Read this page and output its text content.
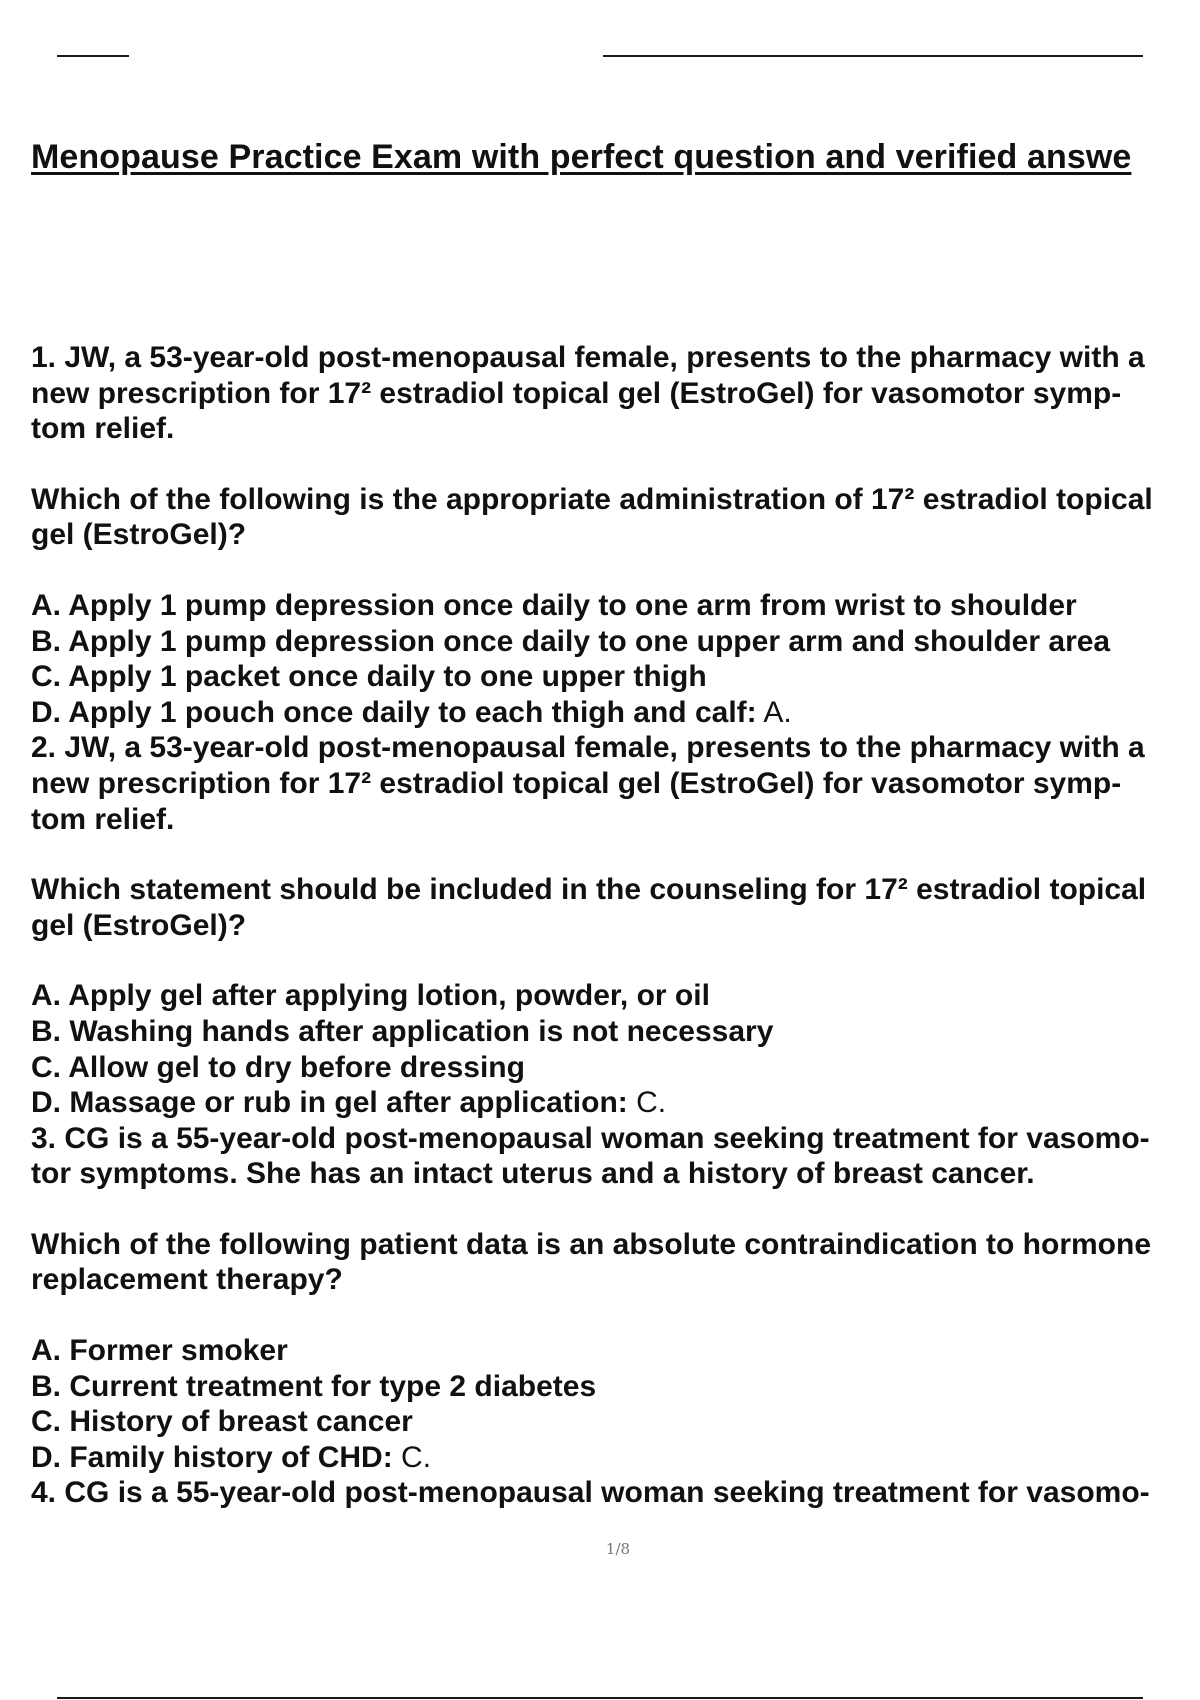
Menopause Practice Exam with perfect question and verified answe
1. JW, a 53-year-old post-menopausal female, presents to the pharmacy with a
new prescription for 17² estradiol topical gel (EstroGel) for vasomotor symp-
tom relief.
Which of the following is the appropriate administration of 17² estradiol topical
gel (EstroGel)?
A. Apply 1 pump depression once daily to one arm from wrist to shoulder
B. Apply 1 pump depression once daily to one upper arm and shoulder area
C. Apply 1 packet once daily to one upper thigh
D. Apply 1 pouch once daily to each thigh and calf: A.
2. JW, a 53-year-old post-menopausal female, presents to the pharmacy with a
new prescription for 17² estradiol topical gel (EstroGel) for vasomotor symp-
tom relief.
Which statement should be included in the counseling for 17² estradiol topical
gel (EstroGel)?
A. Apply gel after applying lotion, powder, or oil
B. Washing hands after application is not necessary
C. Allow gel to dry before dressing
D. Massage or rub in gel after application: C.
3. CG is a 55-year-old post-menopausal woman seeking treatment for vasomo-
tor symptoms. She has an intact uterus and a history of breast cancer.
Which of the following patient data is an absolute contraindication to hormone
replacement therapy?
A. Former smoker
B. Current treatment for type 2 diabetes
C. History of breast cancer
D. Family history of CHD: C.
4. CG is a 55-year-old post-menopausal woman seeking treatment for vasomo-
1/8
